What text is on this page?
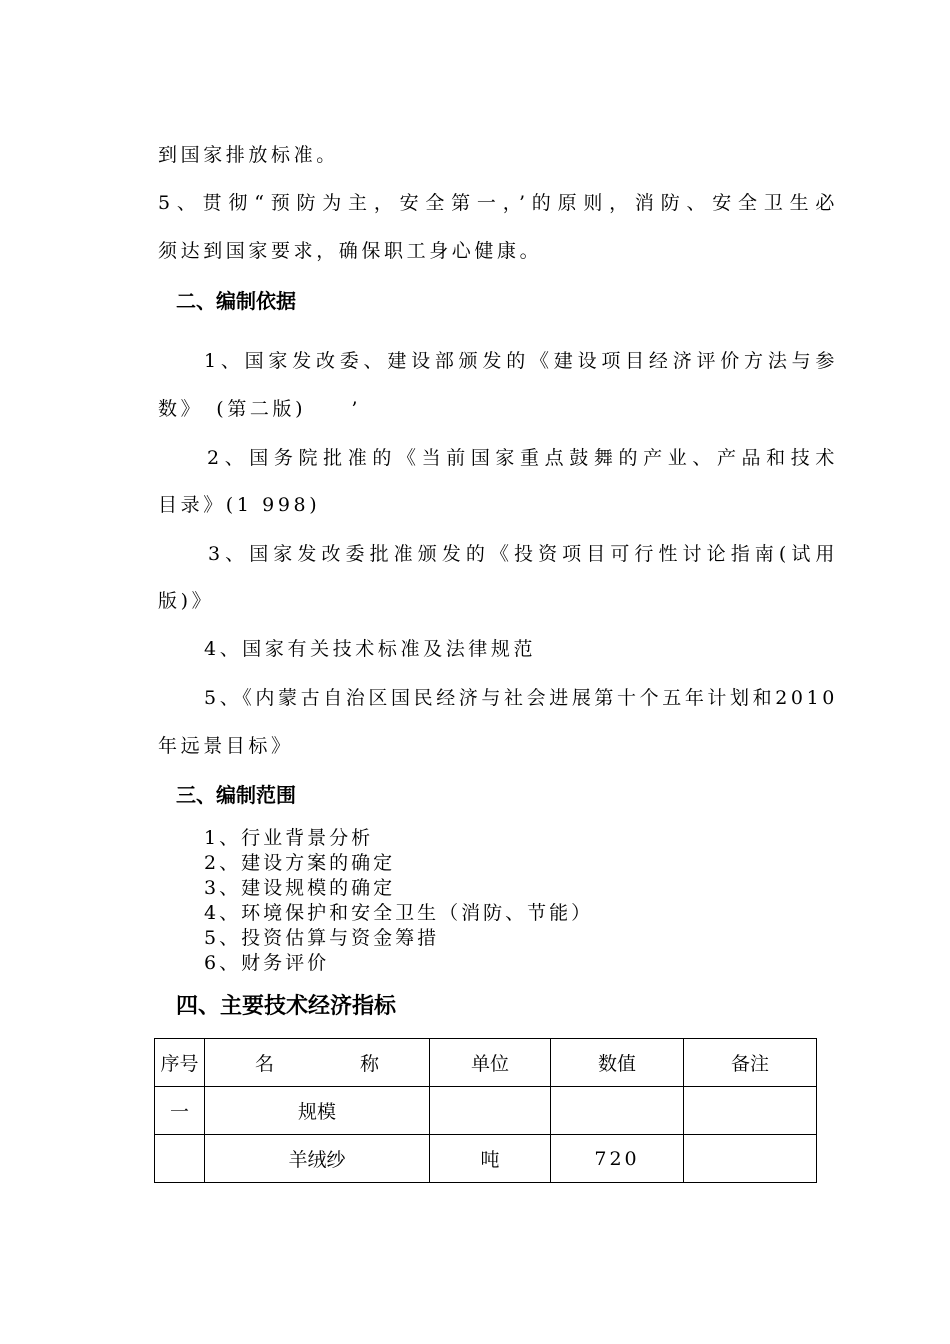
到国家排放标准。
5、贯彻“预防为主，安全第一，’的原则，消防、安全卫生必
须达到国家要求，确保职工身心健康。
二、编制依据
1、国家发改委、建设部颁发的《建设项目经济评价方法与参
数》　(第二版)　　’
2、国务院批准的《当前国家重点鼓舞的产业、产品和技术
目录》(1 998)
3、国家发改委批准颁发的《投资项目可行性讨论指南(试用
版)》
4、国家有关技术标准及法律规范
5、《内蒙古自治区国民经济与社会进展第十个五年计划和2010
年远景目标》
三、编制范围
1、行业背景分析
2、建设方案的确定
3、建设规模的确定
4、环境保护和安全卫生（消防、节能）
5、投资估算与资金筹措
6、财务评价
四、主要技术经济指标
序号	名 称	单位	数值	备注
一	规模			
	羊绒纱	吨	720	
